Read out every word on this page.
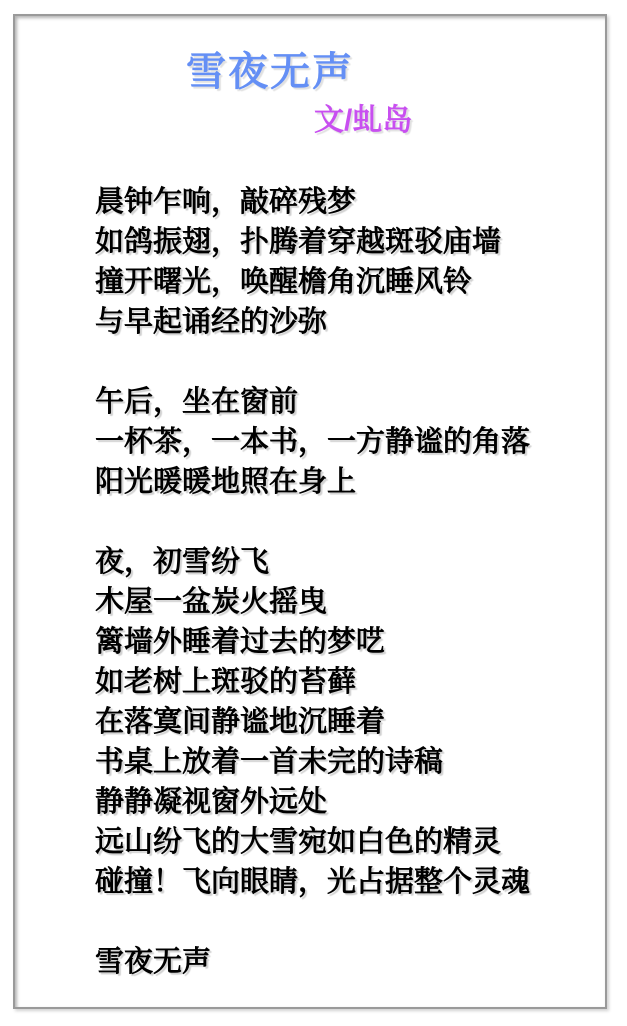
雪夜无声
文/虬岛
晨钟乍响，敲碎残梦
如鸽振翅，扑腾着穿越斑驳庙墙
撞开曙光，唤醒檐角沉睡风铃
与早起诵经的沙弥
午后，坐在窗前
一杯茶，一本书，一方静谧的角落
阳光暖暖地照在身上
夜，初雪纷飞
木屋一盆炭火摇曳
篱墙外睡着过去的梦呓
如老树上斑驳的苔藓
在落寞间静谧地沉睡着
书桌上放着一首未完的诗稿
静静凝视窗外远处
远山纷飞的大雪宛如白色的精灵
碰撞！飞向眼睛，光占据整个灵魂
雪夜无声
